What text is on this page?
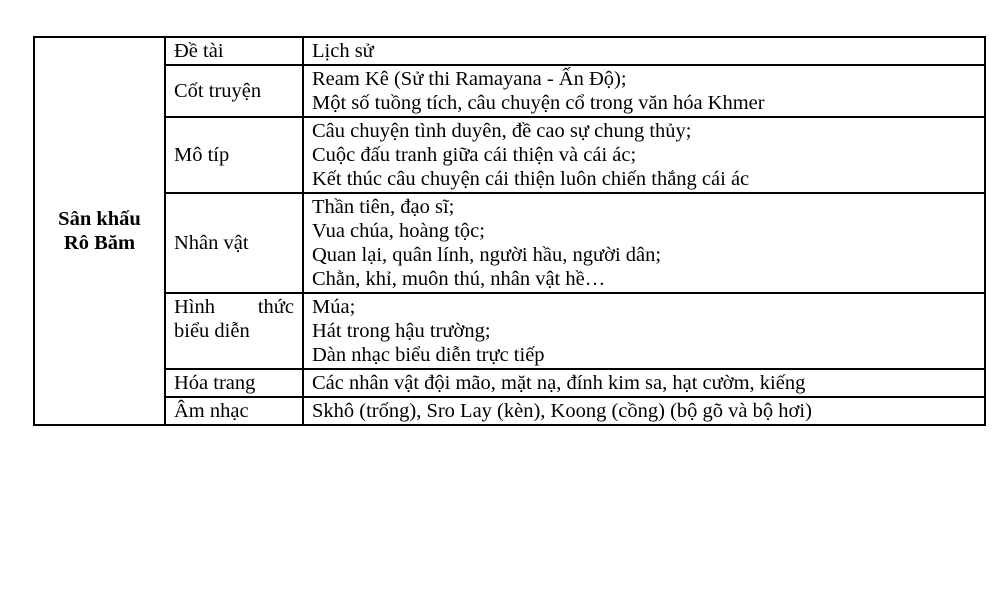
Sân khấu
Rô Băm	Đề tài	Lịch sử

	Cốt truyện	Ream Kê (Sử thi Ramayana - Ấn Độ);
Một số tuồng tích, câu chuyện cổ trong văn hóa Khmer

	Mô típ	Câu chuyện tình duyên, đề cao sự chung thủy;
Cuộc đấu tranh giữa cái thiện và cái ác;
Kết thúc câu chuyện cái thiện luôn chiến thắng cái ác

	Nhân vật	Thần tiên, đạo sĩ;
Vua chúa, hoàng tộc;
Quan lại, quân lính, người hầu, người dân;
Chằn, khỉ, muôn thú, nhân vật hề…

	Hình thức
biểu diễn	Múa;
Hát trong hậu trường;
Dàn nhạc biểu diễn trực tiếp

	Hóa trang	Các nhân vật đội mão, mặt nạ, đính kim sa, hạt cườm, kiếng

	Âm nhạc	Skhô (trống), Sro Lay (kèn), Koong (cồng) (bộ gõ và bộ hơi)
